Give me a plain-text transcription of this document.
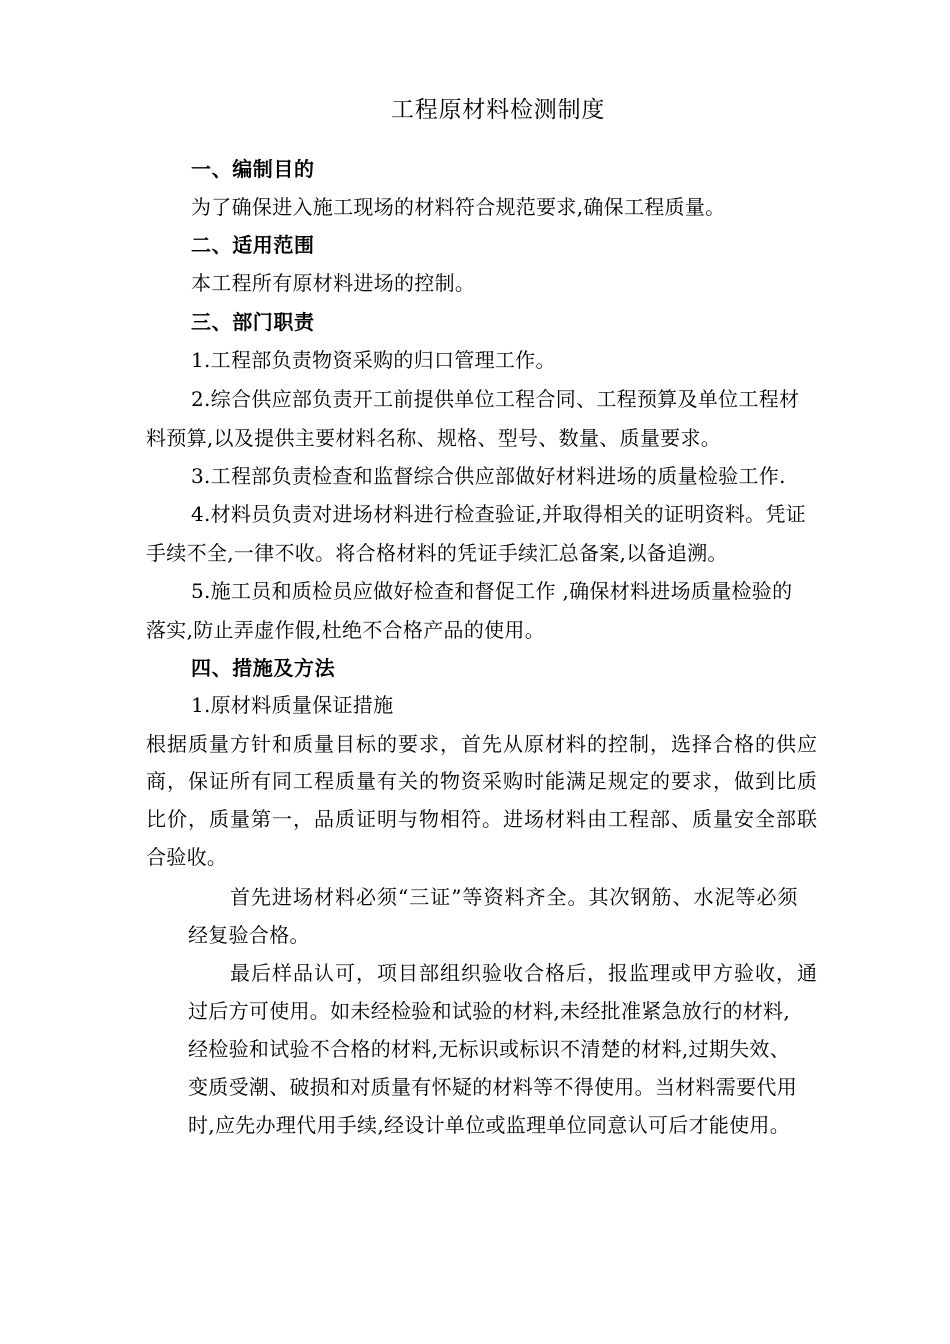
工程原材料检测制度
一、编制目的
为了确保进入施工现场的材料符合规范要求,确保工程质量。
二、适用范围
本工程所有原材料进场的控制。
三、部门职责
1.工程部负责物资采购的归口管理工作。
2.综合供应部负责开工前提供单位工程合同、工程预算及单位工程材
料预算,以及提供主要材料名称、规格、型号、数量、质量要求。
3.工程部负责检查和监督综合供应部做好材料进场的质量检验工作.
4.材料员负责对进场材料进行检查验证,并取得相关的证明资料。凭证
手续不全,一律不收。将合格材料的凭证手续汇总备案,以备追溯。
5.施工员和质检员应做好检查和督促工作 ,确保材料进场质量检验的
落实,防止弄虚作假,杜绝不合格产品的使用。
四、措施及方法
1.原材料质量保证措施
根据质量方针和质量目标的要求，首先从原材料的控制，选择合格的供应
商，保证所有同工程质量有关的物资采购时能满足规定的要求，做到比质
比价，质量第一，品质证明与物相符。进场材料由工程部、质量安全部联
合验收。
首先进场材料必须“三证”等资料齐全。其次钢筋、水泥等必须
经复验合格。
最后样品认可，项目部组织验收合格后，报监理或甲方验收，通
过后方可使用。如未经检验和试验的材料,未经批准紧急放行的材料,
经检验和试验不合格的材料,无标识或标识不清楚的材料,过期失效、
变质受潮、破损和对质量有怀疑的材料等不得使用。当材料需要代用
时,应先办理代用手续,经设计单位或监理单位同意认可后才能使用。
